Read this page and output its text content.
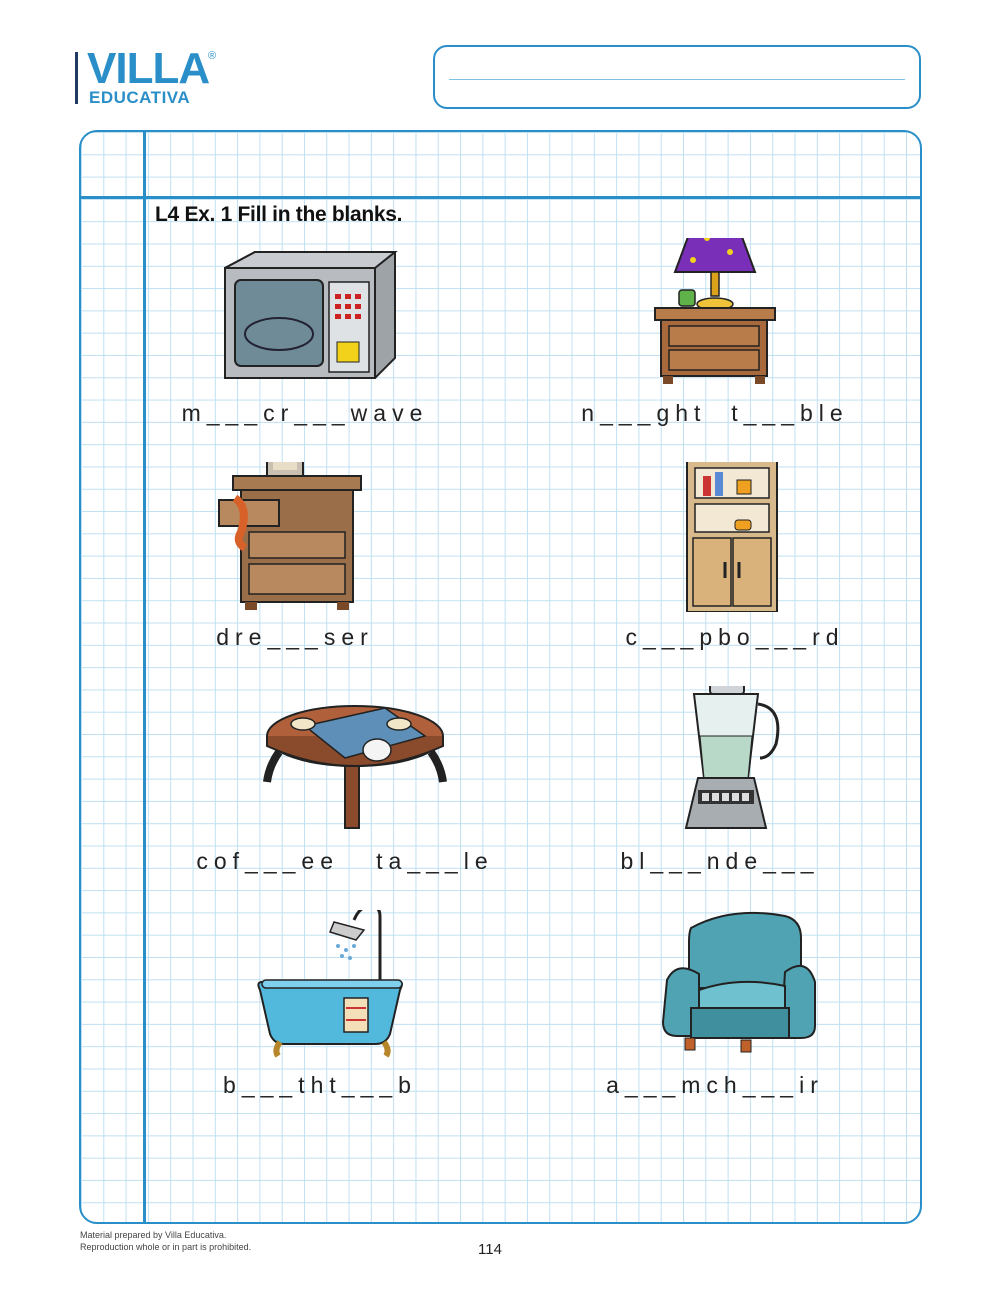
VILLA
®
EDUCATIVA
L4 Ex. 1 Fill in the blanks.
m___cr___wave	n___ght  t___ble
dre___ser	c___pbo___rd
cof___ee   ta___le	bl___nde___
b___tht___b	a___mch___ir
Material prepared by Villa Educativa.
Reproduction whole or in part is prohibited.	114
